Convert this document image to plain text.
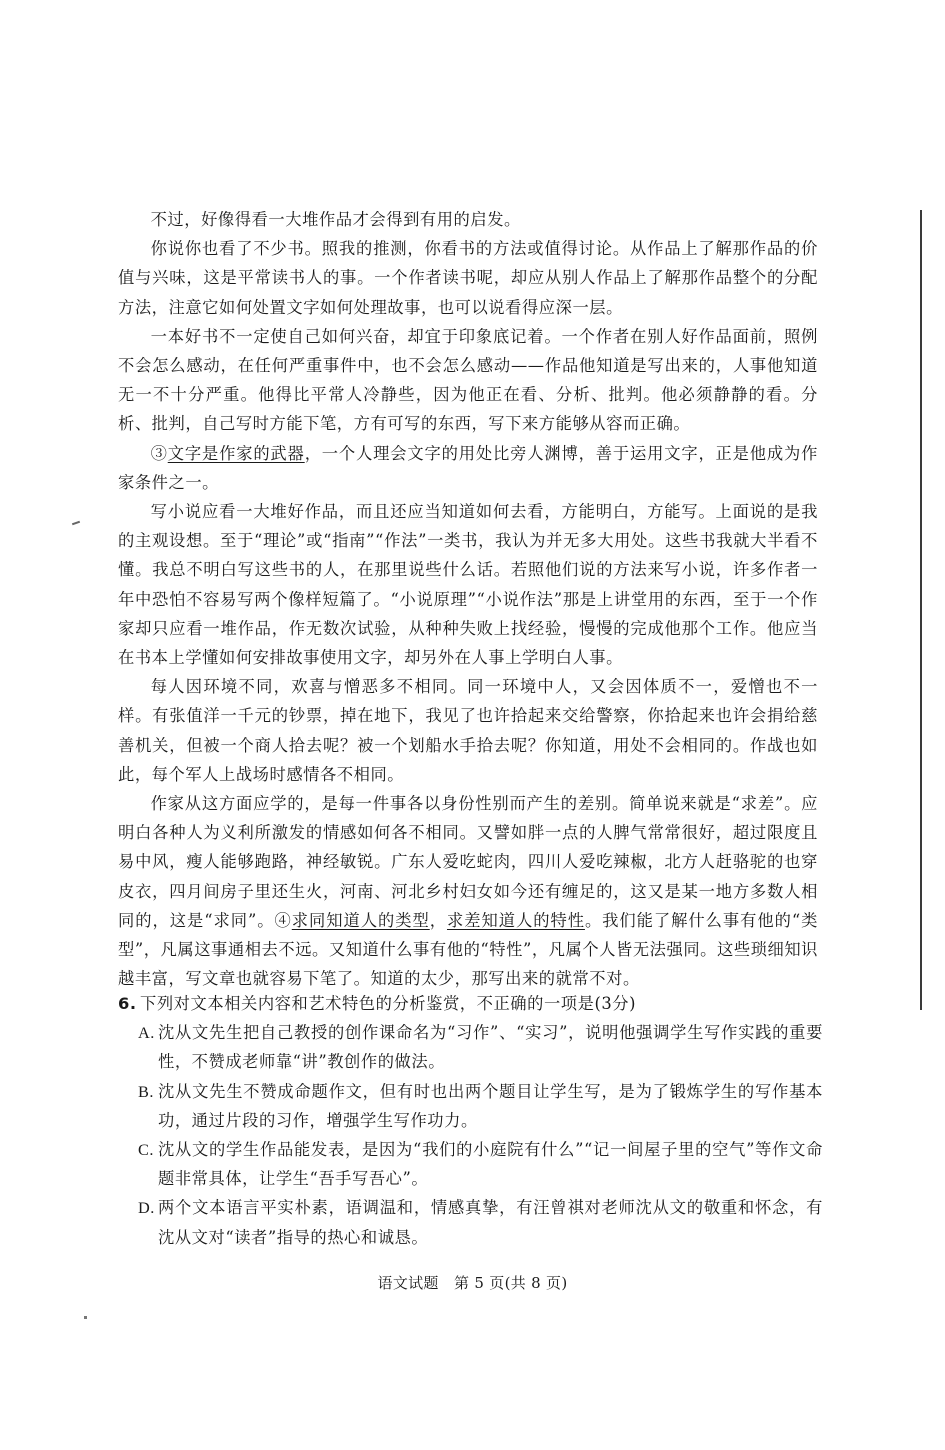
不过，好像得看一大堆作品才会得到有用的启发。

你说你也看了不少书。照我的推测，你看书的方法或值得讨论。从作品上了解那作品的价值与兴味，这是平常读书人的事。一个作者读书呢，却应从别人作品上了解那作品整个的分配方法，注意它如何处置文字如何处理故事，也可以说看得应深一层。

一本好书不一定使自己如何兴奋，却宜于印象底记着。一个作者在别人好作品面前，照例不会怎么感动，在任何严重事件中，也不会怎么感动——作品他知道是写出来的，人事他知道无一不十分严重。他得比平常人冷静些，因为他正在看、分析、批判。他必须静静的看。分析、批判，自己写时方能下笔，方有可写的东西，写下来方能够从容而正确。

③文字是作家的武器，一个人理会文字的用处比旁人渊博，善于运用文字，正是他成为作家条件之一。

写小说应看一大堆好作品，而且还应当知道如何去看，方能明白，方能写。上面说的是我的主观设想。至于“理论”或“指南”“作法”一类书，我认为并无多大用处。这些书我就大半看不懂。我总不明白写这些书的人，在那里说些什么话。若照他们说的方法来写小说，许多作者一年中恐怕不容易写两个像样短篇了。“小说原理”“小说作法”那是上讲堂用的东西，至于一个作家却只应看一堆作品，作无数次试验，从种种失败上找经验，慢慢的完成他那个工作。他应当在书本上学懂如何安排故事使用文字，却另外在人事上学明白人事。

每人因环境不同，欢喜与憎恶多不相同。同一环境中人，又会因体质不一，爱憎也不一样。有张值洋一千元的钞票，掉在地下，我见了也许拾起来交给警察，你拾起来也许会捐给慈善机关，但被一个商人拾去呢？被一个划船水手拾去呢？你知道，用处不会相同的。作战也如此，每个军人上战场时感情各不相同。

作家从这方面应学的，是每一件事各以身份性别而产生的差别。简单说来就是“求差”。应明白各种人为义利所激发的情感如何各不相同。又譬如胖一点的人脾气常常很好，超过限度且易中风，瘦人能够跑路，神经敏锐。广东人爱吃蛇肉，四川人爱吃辣椒，北方人赶骆驼的也穿皮衣，四月间房子里还生火，河南、河北乡村妇女如今还有缠足的，这又是某一地方多数人相同的，这是“求同”。④求同知道人的类型，求差知道人的特性。我们能了解什么事有他的“类型”，凡属这事通相去不远。又知道什么事有他的“特性”，凡属个人皆无法强同。这些琐细知识越丰富，写文章也就容易下笔了。知道的太少，那写出来的就常不对。

6. 下列对文本相关内容和艺术特色的分析鉴赏，不正确的一项是(3分)

A. 沈从文先生把自己教授的创作课命名为“习作”、“实习”，说明他强调学生写作实践的重要性，不赞成老师靠“讲”教创作的做法。
B. 沈从文先生不赞成命题作文，但有时也出两个题目让学生写，是为了锻炼学生的写作基本功，通过片段的习作，增强学生写作功力。
C. 沈从文的学生作品能发表，是因为“我们的小庭院有什么”“记一间屋子里的空气”等作文命题非常具体，让学生“吾手写吾心”。
D. 两个文本语言平实朴素，语调温和，情感真挚，有汪曾祺对老师沈从文的敬重和怀念，有沈从文对“读者”指导的热心和诚恳。
语文试题　第 5 页(共 8 页)
